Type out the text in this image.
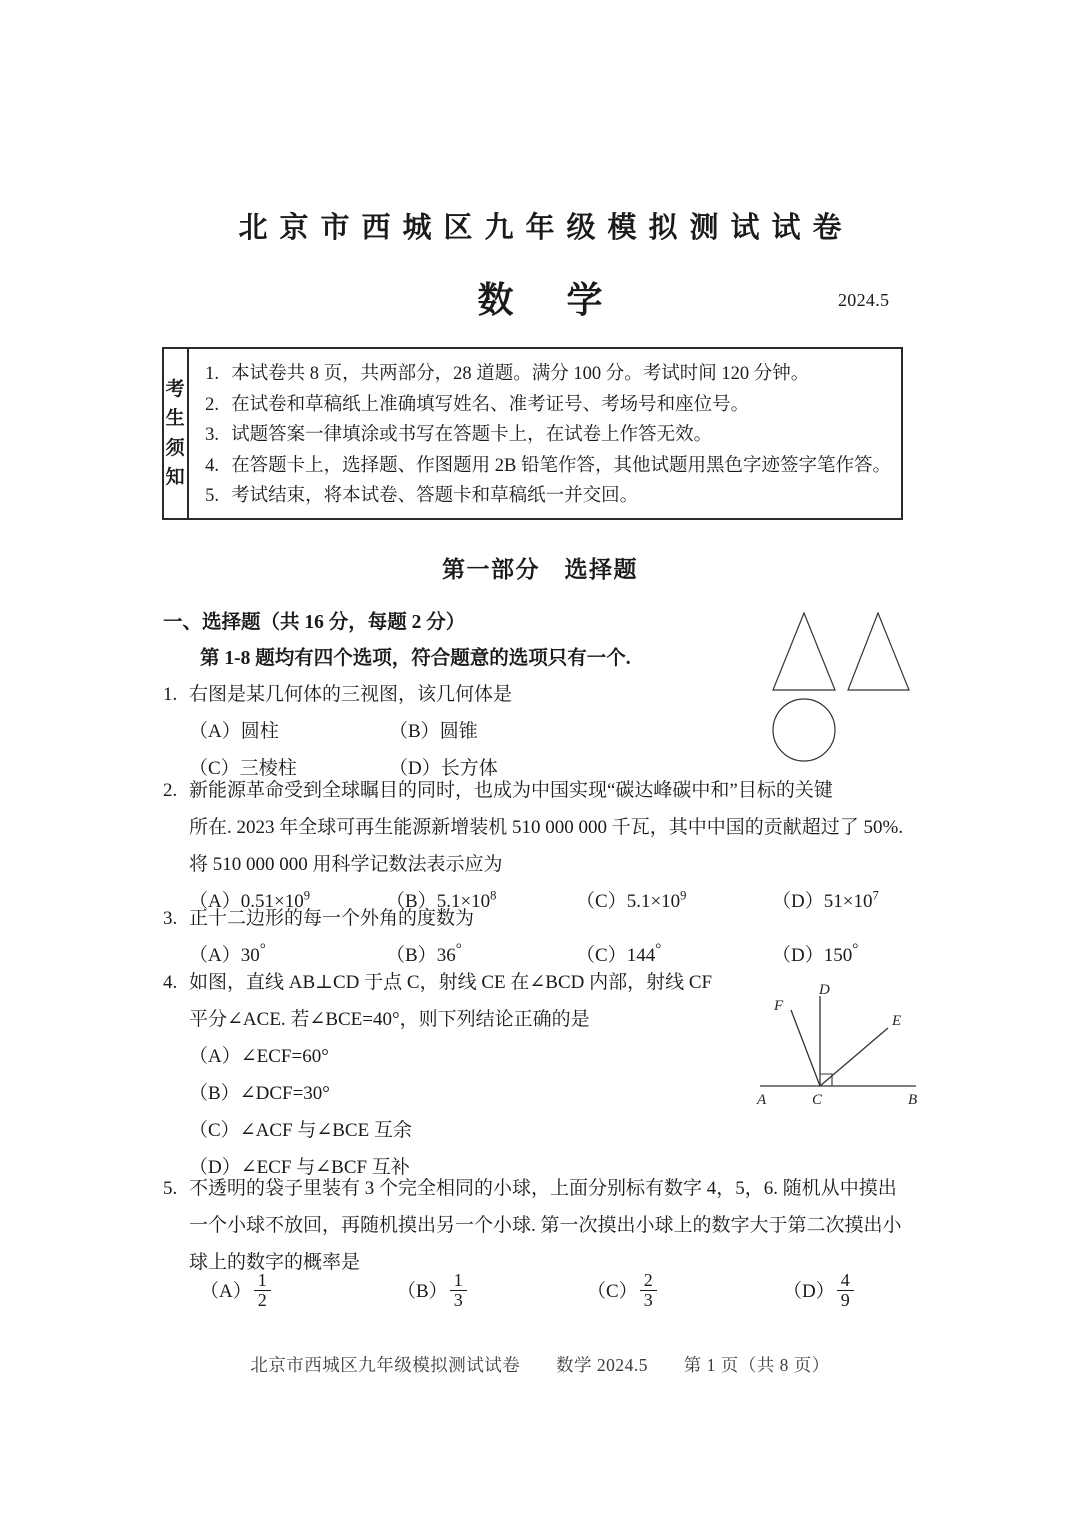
北京市西城区九年级模拟测试试卷
数 学	2024.5
考
生
须
知
1. 本试卷共 8 页，共两部分，28 道题。满分 100 分。考试时间 120 分钟。
2. 在试卷和草稿纸上准确填写姓名、准考证号、考场号和座位号。
3. 试题答案一律填涂或书写在答题卡上，在试卷上作答无效。
4. 在答题卡上，选择题、作图题用 2B 铅笔作答，其他试题用黑色字迹签字笔作答。
5. 考试结束，将本试卷、答题卡和草稿纸一并交回。
第一部分　选择题
一、选择题（共 16 分，每题 2 分）
第 1-8 题均有四个选项，符合题意的选项只有一个.
1. 右图是某几何体的三视图，该几何体是
（A）圆柱	（B）圆锥
（C）三棱柱	（D）长方体
2. 新能源革命受到全球瞩目的同时，也成为中国实现“碳达峰碳中和”目标的关键
所在. 2023 年全球可再生能源新增装机 510 000 000 千瓦，其中中国的贡献超过了 50%.
将 510 000 000 用科学记数法表示应为
$(A)0.51\times 10^9$	$(B)5.1\times 10^8$	$(C)5.1\times 10^9$	$(D)51\times 10^7$
3. 正十二边形的每一个外角的度数为
（A）30°	（B）36°	（C）144°	（D）150°
4. 如图，直线 AB⊥CD 于点 C，射线 CE 在∠BCD 内部，射线 CF
平分∠ACE. 若∠BCE=40°，则下列结论正确的是
（A）∠ECF=60°
（B）∠DCF=30°
（C）∠ACF 与∠BCE 互余
（D）∠ECF 与∠BCF 互补
D
F
E
A	C	B
5. 不透明的袋子里装有 3 个完全相同的小球，上面分别标有数字 4，5，6. 随机从中摸出
一个小球不放回，再随机摸出另一个小球. 第一次摸出小球上的数字大于第二次摸出小
球上的数字的概率是
$(A) \frac{1}{2}$	$(B) \frac{1}{3}$	$(C) \frac{2}{3}$	$(D) \frac{4}{9}$
北京市西城区九年级模拟测试试卷 数学 2024.5 第 1 页（共 8 页）
